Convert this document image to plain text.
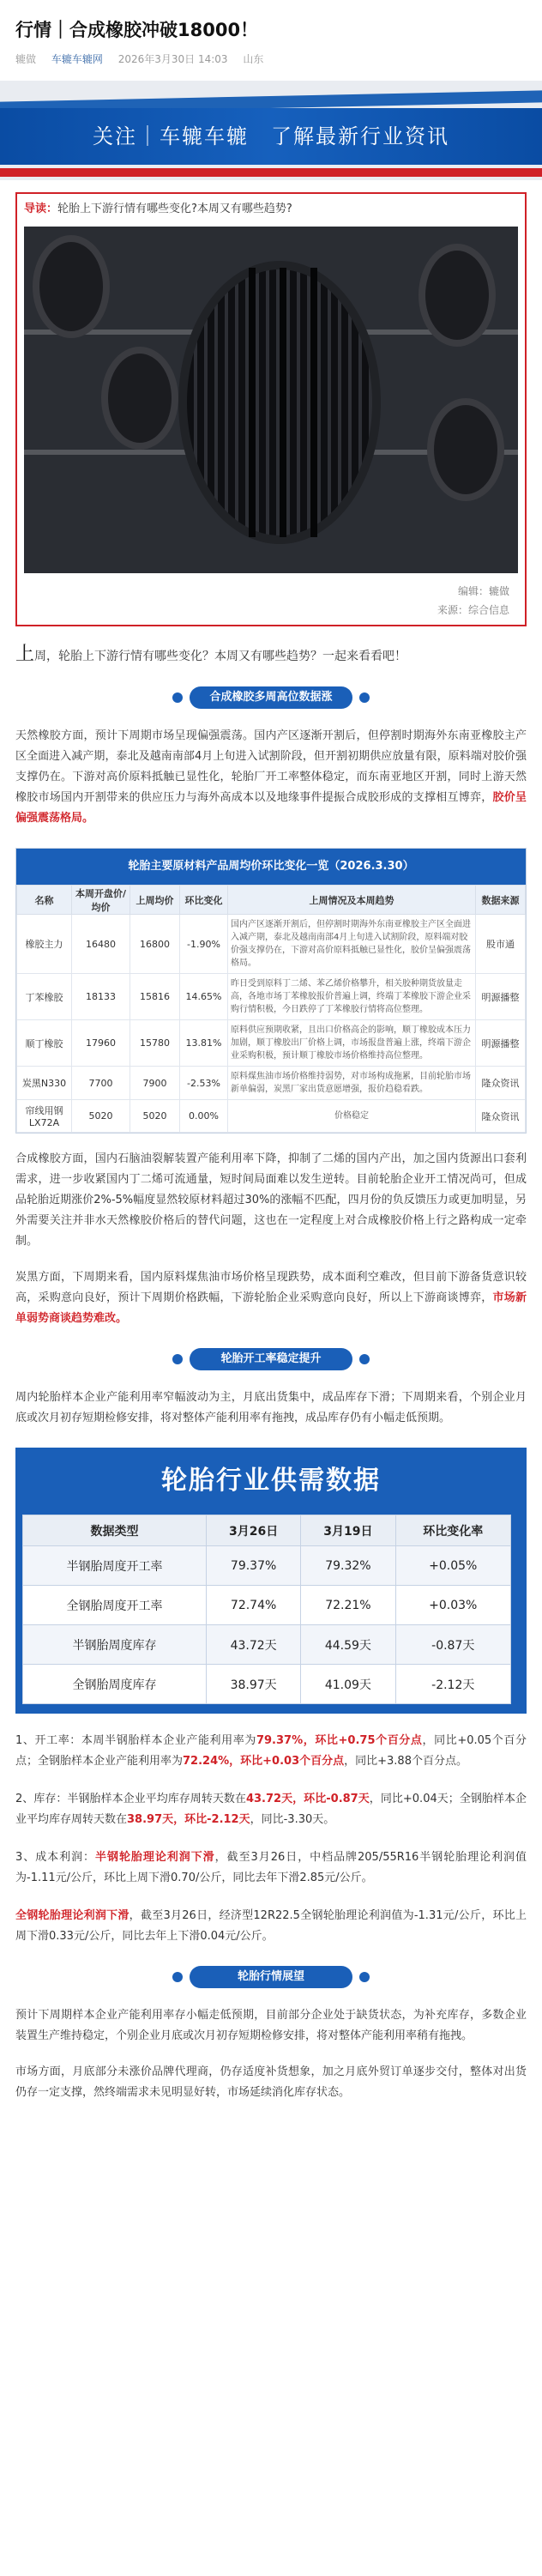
行情｜合成橡胶冲破18000！
辘做 车辘车辘网 2026年3月30日 14:03 山东
关注｜车辘车辘　了解最新行业资讯
导读：轮胎上下游行情有哪些变化?本周又有哪些趋势?
编辑：辘做
来源：综合信息
上周，轮胎上下游行情有哪些变化？本周又有哪些趋势？一起来看看吧！
合成橡胶多周高位数据涨
天然橡胶方面，预计下周期市场呈现偏强震荡。国内产区逐渐开割后，但停割时期海外东南亚橡胶主产区全面进入减产期，泰北及越南南部4月上旬进入试割阶段，但开割初期供应放量有限，原料端对胶价强支撑仍在。下游对高价原料抵触已显性化，轮胎厂开工率整体稳定，而东南亚地区开割，同时上游天然橡胶市场国内开割带来的供应压力与海外高成本以及地缘事件提振合成胶形成的支撑相互博弈，胶价呈偏强震荡格局。
轮胎主要原材料产品周均价环比变化一览（2026.3.30）
名称	本周开盘价/均价	上周均价	环比变化	上周情况及本周趋势	数据来源
橡胶主力	16480	16800	-1.90%	国内产区逐渐开割后，但停割时期海外东南亚橡胶主产区全面进入减产期，泰北及越南南部4月上旬进入试割阶段，原料端对胶价强支撑仍在，下游对高价原料抵触已显性化，胶价呈偏强震荡格局。	股市通
丁苯橡胶	18133	15816	14.65%	昨日受到原料丁二烯、苯乙烯价格攀升，相关胶种期货放量走高，各地市场丁苯橡胶报价普遍上调，终端丁苯橡胶下游企业采购行情积极，今日跌停了丁苯橡胶行情将高位整理。	明源播整
顺丁橡胶	17960	15780	13.81%	原料供应预期收紧，且出口价格高企的影响，顺丁橡胶成本压力加剧，顺丁橡胶出厂价格上调，市场报盘普遍上涨，终端下游企业采购积极，预计顺丁橡胶市场价格维持高位整理。	明源播整
炭黑N330	7700	7900	-2.53%	原料煤焦油市场价格维持弱势，对市场构成拖累，目前轮胎市场新单偏弱，炭黑厂家出货意愿增强，报价趋稳看跌。	隆众资讯
帘线用钢LX72A	5020	5020	0.00%	价格稳定	隆众资讯
合成橡胶方面，国内石脑油裂解装置产能利用率下降，抑制了二烯的国内产出，加之国内货源出口套利需求，进一步收紧国内丁二烯可流通量，短时间局面难以发生逆转。目前轮胎企业开工情况尚可，但成品轮胎近期涨价2%-5%幅度显然较原材料超过30%的涨幅不匹配，四月份的负反馈压力或更加明显，另外需要关注并非水天然橡胶价格后的替代问题，这也在一定程度上对合成橡胶价格上行之路构成一定牵制。
炭黑方面，下周期来看，国内原料煤焦油市场价格呈现跌势，成本面利空难改，但目前下游备货意识较高，采购意向良好，预计下周期价格跌幅，下游轮胎企业采购意向良好，所以上下游商谈博弈，市场新单弱势商谈趋势难改。
轮胎开工率稳定提升
周内轮胎样本企业产能利用率窄幅波动为主，月底出货集中，成品库存下滑；下周期来看，个别企业月底或次月初存短期检修安排，将对整体产能利用率有拖拽，成品库存仍有小幅走低预期。
轮胎行业供需数据
数据类型	3月26日	3月19日	环比变化率
半钢胎周度开工率	79.37%	79.32%	+0.05%
全钢胎周度开工率	72.74%	72.21%	+0.03%
半钢胎周度库存	43.72天	44.59天	-0.87天
全钢胎周度库存	38.97天	41.09天	-2.12天
1、开工率：本周半钢胎样本企业产能利用率为79.37%，环比+0.75个百分点，同比+0.05个百分点；全钢胎样本企业产能利用率为72.24%，环比+0.03个百分点，同比+3.88个百分点。
2、库存：半钢胎样本企业平均库存周转天数在43.72天，环比-0.87天，同比+0.04天；全钢胎样本企业平均库存周转天数在38.97天，环比-2.12天，同比-3.30天。
3、成本利润：半钢轮胎理论利润下滑，截至3月26日，中档品牌205/55R16半钢轮胎理论利润值为-1.11元/公斤，环比上周下滑0.70/公斤，同比去年下滑2.85元/公斤。
全钢轮胎理论利润下滑，截至3月26日，经济型12R22.5全钢轮胎理论利润值为-1.31元/公斤，环比上周下滑0.33元/公斤，同比去年上下滑0.04元/公斤。
轮胎行情展望
预计下周期样本企业产能利用率存小幅走低预期，目前部分企业处于缺货状态，为补充库存，多数企业装置生产维持稳定，个别企业月底或次月初存短期检修安排，将对整体产能利用率稍有拖拽。
市场方面，月底部分未涨价品牌代理商，仍存适度补货想象，加之月底外贸订单逐步交付，整体对出货仍存一定支撑，然终端需求未见明显好转，市场延续消化库存状态。
